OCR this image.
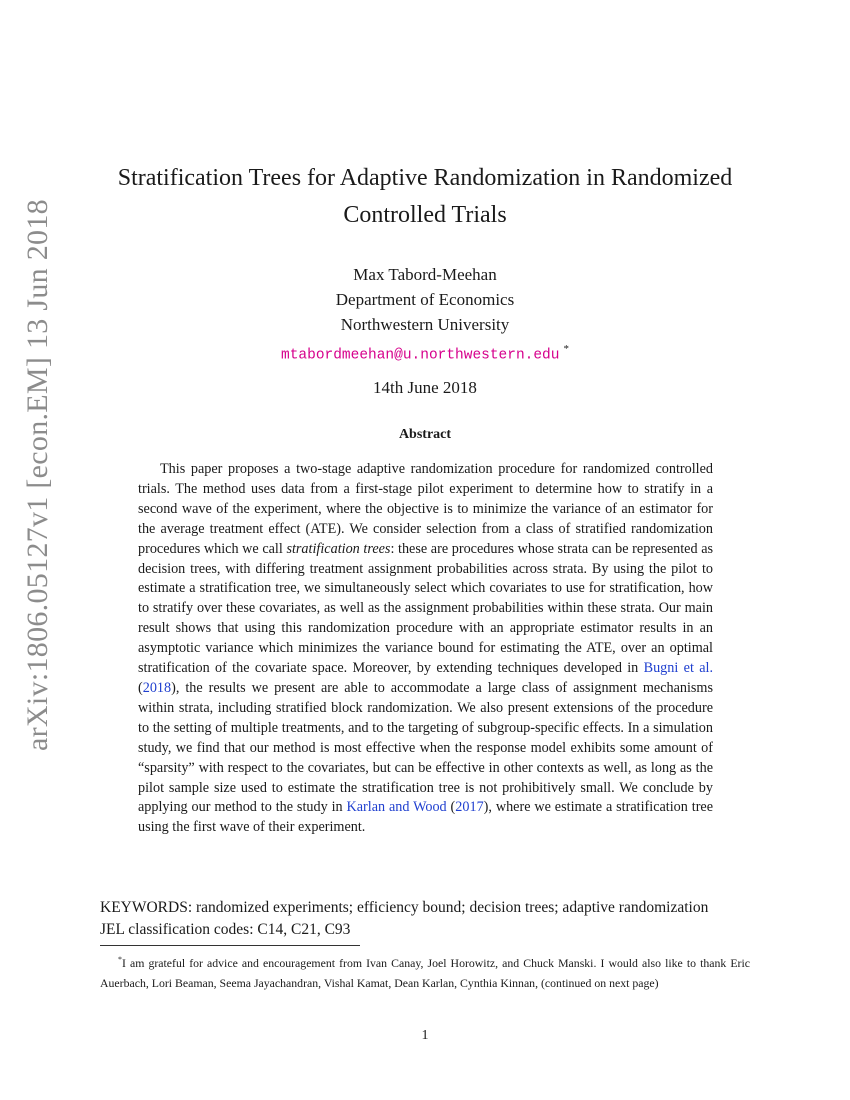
arXiv:1806.05127v1 [econ.EM] 13 Jun 2018
Stratification Trees for Adaptive Randomization in Randomized
Controlled Trials
Max Tabord-Meehan
Department of Economics
Northwestern University
mtabordmeehan@u.northwestern.edu *
14th June 2018
Abstract

This paper proposes a two-stage adaptive randomization procedure for randomized controlled trials. The method uses data from a first-stage pilot experiment to determine how to stratify in a second wave of the experiment, where the objective is to minimize the variance of an estimator for the average treatment effect (ATE). We consider selection from a class of stratified randomization procedures which we call stratification trees: these are procedures whose strata can be represented as decision trees, with differing treatment assignment probabilities across strata. By using the pilot to estimate a stratification tree, we simultaneously select which covariates to use for stratification, how to stratify over these covariates, as well as the assignment probabilities within these strata. Our main result shows that using this randomization procedure with an appropriate estimator results in an asymptotic variance which minimizes the variance bound for estimating the ATE, over an optimal stratification of the covariate space. Moreover, by extending techniques developed in Bugni et al. (2018), the results we present are able to accommodate a large class of assignment mechanisms within strata, including stratified block randomization. We also present extensions of the procedure to the setting of multiple treatments, and to the targeting of subgroup-specific effects. In a simulation study, we find that our method is most effective when the response model exhibits some amount of “sparsity” with respect to the covariates, but can be effective in other contexts as well, as long as the pilot sample size used to estimate the stratification tree is not prohibitively small. We conclude by applying our method to the study in Karlan and Wood (2017), where we estimate a stratification tree using the first wave of their experiment.

KEYWORDS: randomized experiments; efficiency bound; decision trees; adaptive randomization
JEL classification codes: C14, C21, C93

*I am grateful for advice and encouragement from Ivan Canay, Joel Horowitz, and Chuck Manski. I would also like to thank Eric Auerbach, Lori Beaman, Seema Jayachandran, Vishal Kamat, Dean Karlan, Cynthia Kinnan, (continued on next page)

1
